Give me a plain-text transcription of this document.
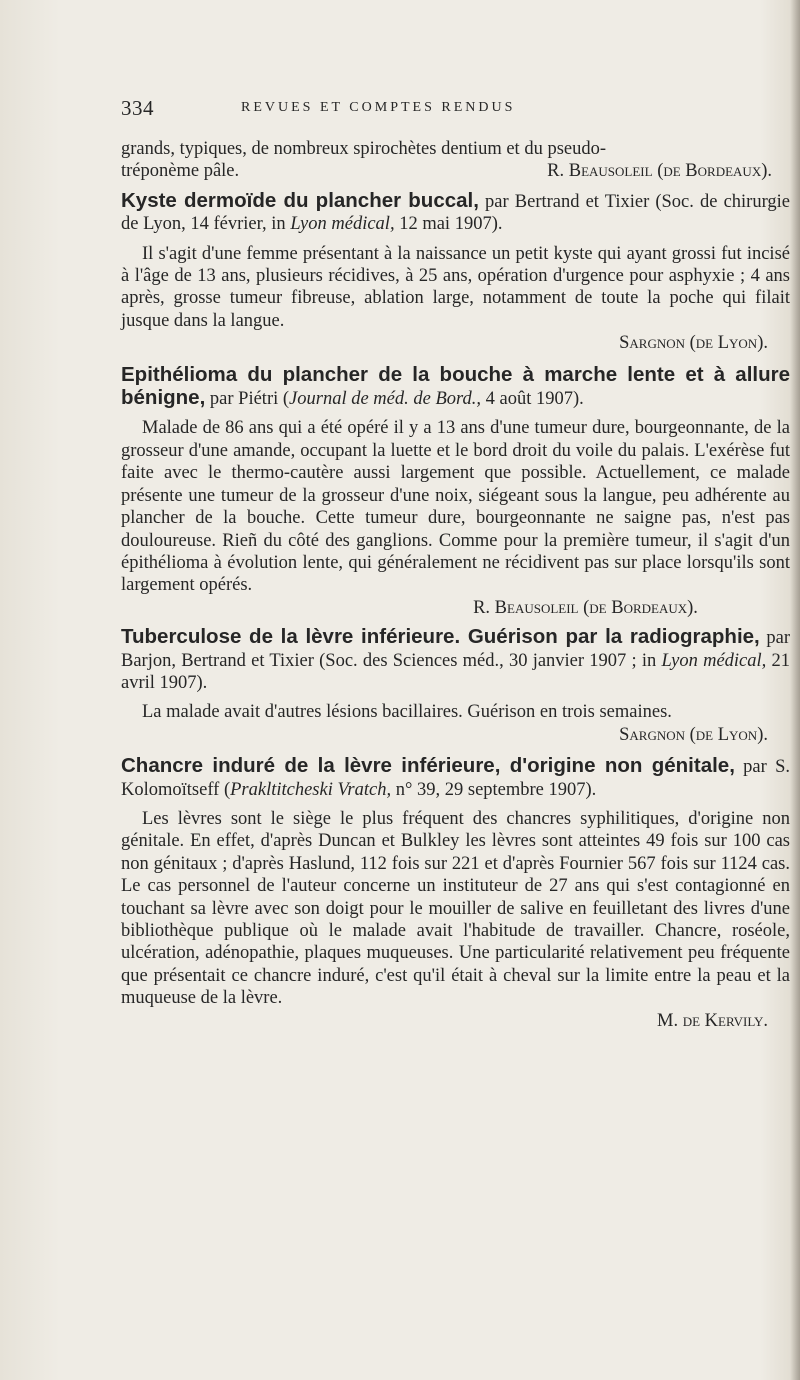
334	REVUES ET COMPTES RENDUS

grands, typiques, de nombreux spirochètes dentium et du pseudo-

tréponème pâle.	R. Beausoleil (de Bordeaux).

Kyste dermoïde du plancher buccal, par Bertrand et Tixier (Soc. de chirurgie de Lyon, 14 février, in Lyon médical, 12 mai 1907).

Il s'agit d'une femme présentant à la naissance un petit kyste qui ayant grossi fut incisé à l'âge de 13 ans, plusieurs récidives, à 25 ans, opération d'urgence pour asphyxie ; 4 ans après, grosse tumeur fibreuse, ablation large, notamment de toute la poche qui filait jusque dans la langue.

Sargnon (de Lyon).

Epithélioma du plancher de la bouche à marche lente et à allure bénigne, par Piétri (Journal de méd. de Bord., 4 août 1907).

Malade de 86 ans qui a été opéré il y a 13 ans d'une tumeur dure, bourgeonnante, de la grosseur d'une amande, occupant la luette et le bord droit du voile du palais. L'exérèse fut faite avec le thermo-cautère aussi largement que possible. Actuellement, ce malade présente une tumeur de la grosseur d'une noix, siégeant sous la langue, peu adhérente au plancher de la bouche. Cette tumeur dure, bourgeonnante ne saigne pas, n'est pas douloureuse. Rieñ du côté des ganglions. Comme pour la première tumeur, il s'agit d'un épithélioma à évolution lente, qui généralement ne récidivent pas sur place lorsqu'ils sont largement opérés.

R. Beausoleil (de Bordeaux).

Tuberculose de la lèvre inférieure. Guérison par la radiographie, par Barjon, Bertrand et Tixier (Soc. des Sciences méd., 30 janvier 1907 ; in Lyon médical, 21 avril 1907).

La malade avait d'autres lésions bacillaires. Guérison en trois semaines.

Sargnon (de Lyon).

Chancre induré de la lèvre inférieure, d'origine non génitale, par S. Kolomoïtseff (Prakltitcheski Vratch, n° 39, 29 septembre 1907).

Les lèvres sont le siège le plus fréquent des chancres syphilitiques, d'origine non génitale. En effet, d'après Duncan et Bulkley les lèvres sont atteintes 49 fois sur 100 cas non génitaux ; d'après Haslund, 112 fois sur 221 et d'après Fournier 567 fois sur 1124 cas. Le cas personnel de l'auteur concerne un instituteur de 27 ans qui s'est contagionné en touchant sa lèvre avec son doigt pour le mouiller de salive en feuilletant des livres d'une bibliothèque publique où le malade avait l'habitude de travailler. Chancre, roséole, ulcération, adénopathie, plaques muqueuses. Une particularité relativement peu fréquente que présentait ce chancre induré, c'est qu'il était à cheval sur la limite entre la peau et la muqueuse de la lèvre.

M. de Kervily.
